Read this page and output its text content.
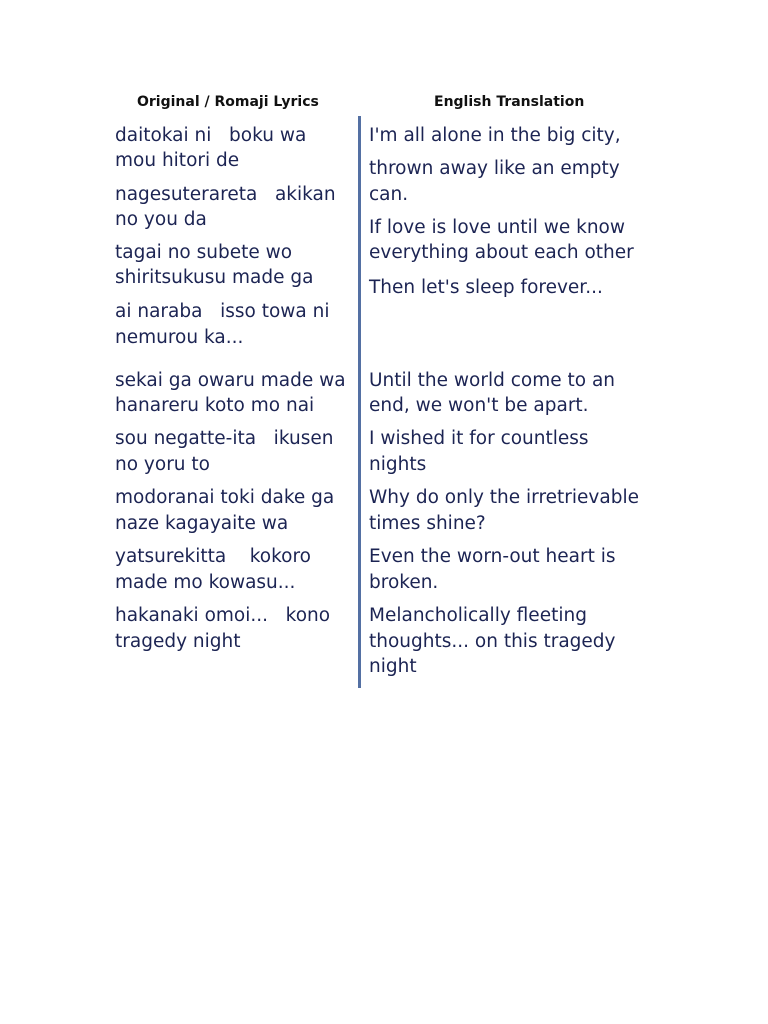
Original / Romaji Lyrics	English Translation
daitokai ni   boku wa
mou hitori de
nagesuterareta   akikan
no you da
tagai no subete wo
shiritsukusu made ga
ai naraba   isso towa ni
nemurou ka...
sekai ga owaru made wa
hanareru koto mo nai
sou negatte-ita   ikusen
no yoru to
modoranai toki dake ga
naze kagayaite wa
yatsurekitta    kokoro
made mo kowasu...
hakanaki omoi...   kono
tragedy night
I'm all alone in the big city,
thrown away like an empty
can.
If love is love until we know
everything about each other
Then let's sleep forever...
Until the world come to an
end, we won't be apart.
I wished it for countless
nights
Why do only the irretrievable
times shine?
Even the worn-out heart is
broken.
Melancholically fleeting
thoughts... on this tragedy
night
